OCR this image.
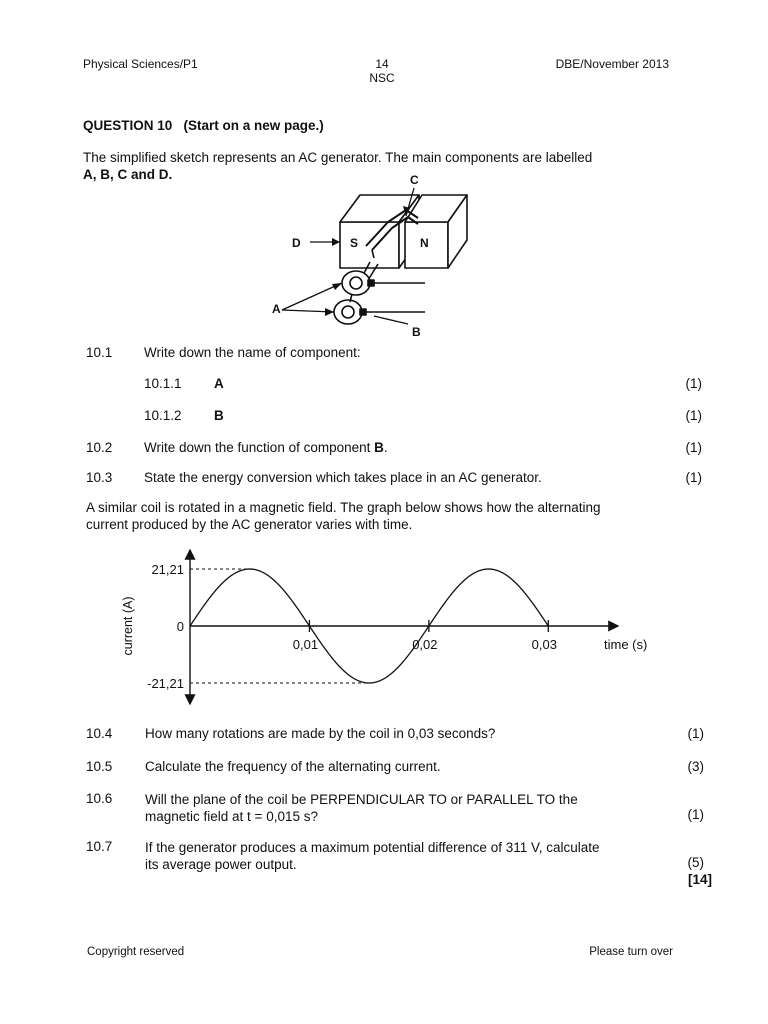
Physical Sciences/P1	14
NSC
DBE/November 2013
QUESTION 10   (Start on a new page.)
The simplified sketch represents an AC generator. The main components are labelled
A, B, C and D.	C
D	S	N
A
B
10.1	Write down the name of component:
10.1.1 A	(1)
10.1.2 B	(1)
10.2	Write down the function of component B.	(1)
10.3	State the energy conversion which takes place in an AC generator.	(1)
A similar coil is rotated in a magnetic field. The graph below shows how the alternating
current produced by the AC generator varies with time.
0,01	0,02	0,03
21,21
0
-21,21
current (A)	time (s)
10.4	How many rotations are made by the coil in 0,03 seconds?	(1)
10.5	Calculate the frequency of the alternating current.	(3)
10.6	Will the plane of the coil be PERPENDICULAR TO or PARALLEL TO the
magnetic field at t = 0,015 s?	(1)
10.7	If the generator produces a maximum potential difference of 311 V, calculate
its average power output.	(5)
[14]
Copyright reserved	Please turn over
